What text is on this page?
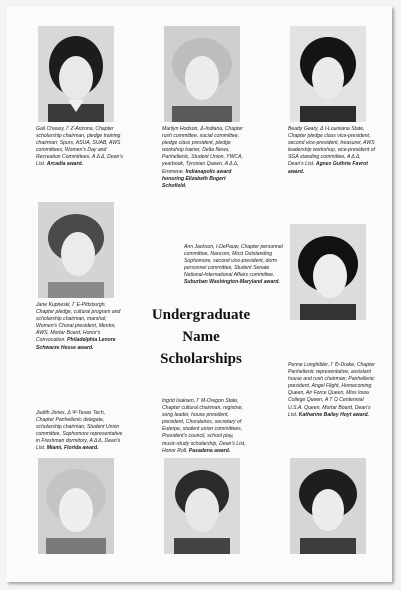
Gail Chasey, Γ Ζ-Arizona, Chapter scholarship chairman, pledge training chairman; Spurs, ASUA, SUAB, AWS committees, Women's Day and Recreation Committees, Α Δ Δ, Dean's List. Arcadia award.
Marilyn Hodson, Δ-Indiana, Chapter rush committee, social committee, pledge class president, pledge workshop trainer, Delta News, Panhellenic, Student Union, YWCA, yearbook, Tyronian Queen, Α Δ Δ, Eromene. Indianapolis award honoring Elizabeth Bogert Schofield.
Beatty Geary, Δ Ι-Louisiana State, Chapter pledge class vice-president, second vice-president, treasurer, AWS leadership workshop, vice-president of SGA standing committee, Α Δ Δ, Dean's List. Agnes Guthrie Favrot award.
Ann Jackson, Ι-DePauw, Chapter personnel committee, Nancom, Most Outstanding Sophomore, second vice-president, dorm personnel committee, Student Senate National-International Affairs committee. Suburban Washington-Maryland award.
Jane Kupneski, Γ Ε-Pittsburgh, Chapter pledge, cultural program and scholarship chairman, marshal; Women's Choral president, Mentor, AWS, Mortar Board, Honor's Convocation. Philadelphia Lenore Schwarze Hesse award.
Undergraduate
Name
Scholarships
Judith Jones, Δ Ψ-Texas Tech, Chapter Panhellenic delegate, scholarship chairman, Student Union committee, Sophomore representative in Freshman dormitory, Α Δ Δ, Dean's List. Miami, Florida award.
Ingrid Isaksen, Γ Μ-Oregon State, Chapter cultural chairman, registrar, song leader, house president, president, Choralaires, secretary of Euterpe, student union committees, President's council, school play, music-study scholarship, Dean's List, Honor Roll. Pasadena award.
Penne Longhibler, Γ Θ-Drake, Chapter Panhellenic representative, assistant house and rush chairman; Panhellenic president, Angel Flight, Homecoming Queen, Air Force Queen, Miss Iowa College Queen, Α Τ Ω Centennial U.S.A. Queen, Mortar Board, Dean's List. Katharine Bailey Hoyt award.
